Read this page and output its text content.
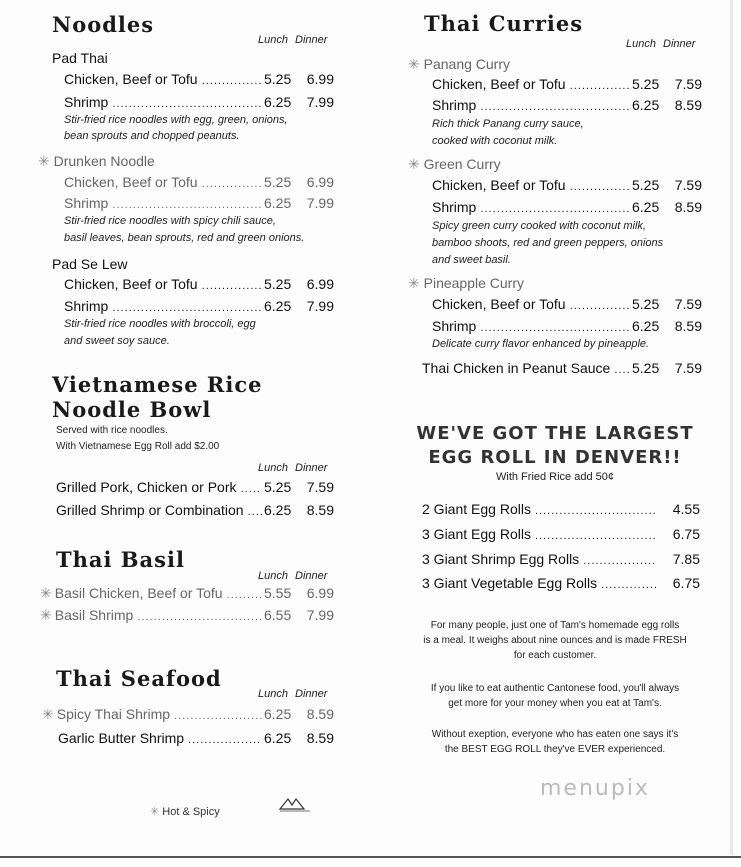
Noodles
Lunch Dinner
Pad Thai
Chicken, Beef or Tofu .....	5.25	6.99
Shrimp .....	6.25	7.99
Stir-fried rice noodles with egg, green, onions,
bean sprouts and chopped peanuts.
✳ Drunken Noodle
Chicken, Beef or Tofu .....	5.25	6.99
Shrimp .....	6.25	7.99
Stir-fried rice noodles with spicy chili sauce,
basil leaves, bean sprouts, red and green onions.
Pad Se Lew
Chicken, Beef or Tofu .....	5.25	6.99
Shrimp .....	6.25	7.99
Stir-fried rice noodles with broccoli, egg
and sweet soy sauce.
Vietnamese Rice
Noodle Bowl
Served with rice noodles.
With Vietnamese Egg Roll add $2.00
Lunch Dinner
Grilled Pork, Chicken or Pork .....	5.25	7.59
Grilled Shrimp or Combination .....	6.25	8.59
Thai Basil
Lunch Dinner
✳ Basil Chicken, Beef or Tofu .....	5.55	6.99
✳ Basil Shrimp .....	6.55	7.99
Thai Seafood
Lunch Dinner
✳ Spicy Thai Shrimp .....	6.25	8.59
Garlic Butter Shrimp .....	6.25	8.59
✳ Hot & Spicy
Thai Curries
Lunch Dinner
✳ Panang Curry
Chicken, Beef or Tofu .....	5.25	7.59
Shrimp .....	6.25	8.59
Rich thick Panang curry sauce,
cooked with coconut milk.
✳ Green Curry
Chicken, Beef or Tofu .....	5.25	7.59
Shrimp .....	6.25	8.59
Spicy green curry cooked with coconut milk,
bamboo shoots, red and green peppers, onions
and sweet basil.
✳ Pineapple Curry
Chicken, Beef or Tofu .....	5.25	7.59
Shrimp .....	6.25	8.59
Delicate curry flavor enhanced by pineapple.
Thai Chicken in Peanut Sauce .....	5.25	7.59
WE'VE GOT THE LARGEST
EGG ROLL IN DENVER!!
With Fried Rice add 50¢
2 Giant Egg Rolls .....	4.55
3 Giant Egg Rolls .....	6.75
3 Giant Shrimp Egg Rolls .....	7.85
3 Giant Vegetable Egg Rolls .....	6.75
For many people, just one of Tam's homemade egg rolls
is a meal. It weighs about nine ounces and is made FRESH
for each customer.
If you like to eat authentic Cantonese food, you'll always
get more for your money when you eat at Tam's.
Without exeption, everyone who has eaten one says it's
the BEST EGG ROLL they've EVER experienced.
menupix
